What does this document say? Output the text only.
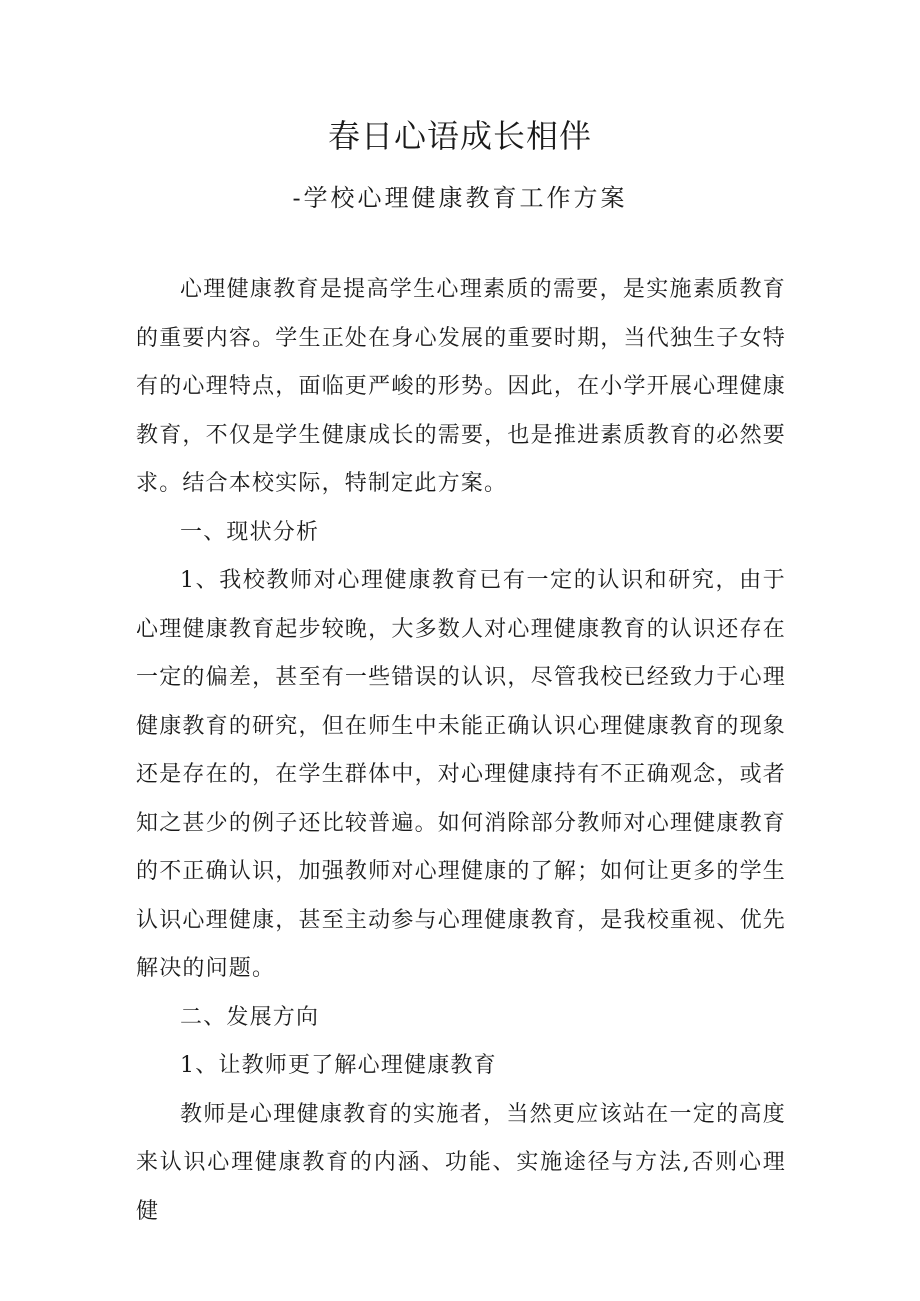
春日心语成长相伴
-学校心理健康教育工作方案

心理健康教育是提高学生心理素质的需要，是实施素质教育的重要内容。学生正处在身心发展的重要时期，当代独生子女特有的心理特点，面临更严峻的形势。因此，在小学开展心理健康教育，不仅是学生健康成长的需要，也是推进素质教育的必然要求。结合本校实际，特制定此方案。

一、现状分析

1、我校教师对心理健康教育已有一定的认识和研究，由于心理健康教育起步较晚，大多数人对心理健康教育的认识还存在一定的偏差，甚至有一些错误的认识，尽管我校已经致力于心理健康教育的研究，但在师生中未能正确认识心理健康教育的现象还是存在的，在学生群体中，对心理健康持有不正确观念，或者知之甚少的例子还比较普遍。如何消除部分教师对心理健康教育的不正确认识，加强教师对心理健康的了解；如何让更多的学生认识心理健康，甚至主动参与心理健康教育，是我校重视、优先解决的问题。

二、发展方向

1、让教师更了解心理健康教育

教师是心理健康教育的实施者，当然更应该站在一定的高度来认识心理健康教育的内涵、功能、实施途径与方法,否则心理健
